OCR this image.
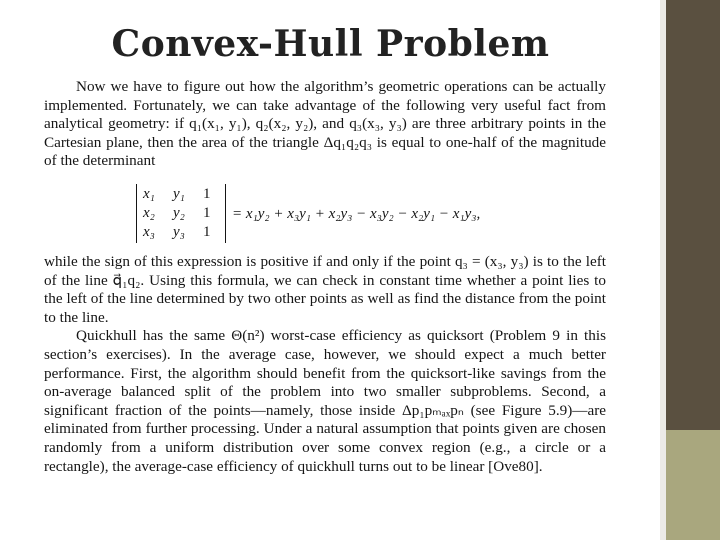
Convex-Hull Problem

Now we have to figure out how the algorithm’s geometric operations can be actually implemented. Fortunately, we can take advantage of the following very useful fact from analytical geometry: if q₁(x₁, y₁), q₂(x₂, y₂), and q₃(x₃, y₃) are three arbitrary points in the Cartesian plane, then the area of the triangle Δq₁q₂q₃ is equal to one-half of the magnitude of the determinant

x₁	y₁	1
x₂	y₂	1
x₃	y₃	1
= x₁y₂ + x₃y₁ + x₂y₃ − x₃y₂ − x₂y₁ − x₁y₃,

while the sign of this expression is positive if and only if the point q₃ = (x₃, y₃) is to the left of the line q⃗₁q₂. Using this formula, we can check in constant time whether a point lies to the left of the line determined by two other points as well as find the distance from the point to the line.

Quickhull has the same Θ(n²) worst-case efficiency as quicksort (Problem 9 in this section’s exercises). In the average case, however, we should expect a much better performance. First, the algorithm should benefit from the quicksort-like savings from the on-average balanced split of the problem into two smaller subproblems. Second, a significant fraction of the points—namely, those inside Δp₁pₘₐₓpₙ (see Figure 5.9)—are eliminated from further processing. Under a natural assumption that points given are chosen randomly from a uniform distribution over some convex region (e.g., a circle or a rectangle), the average-case efficiency of quickhull turns out to be linear [Ove80].
